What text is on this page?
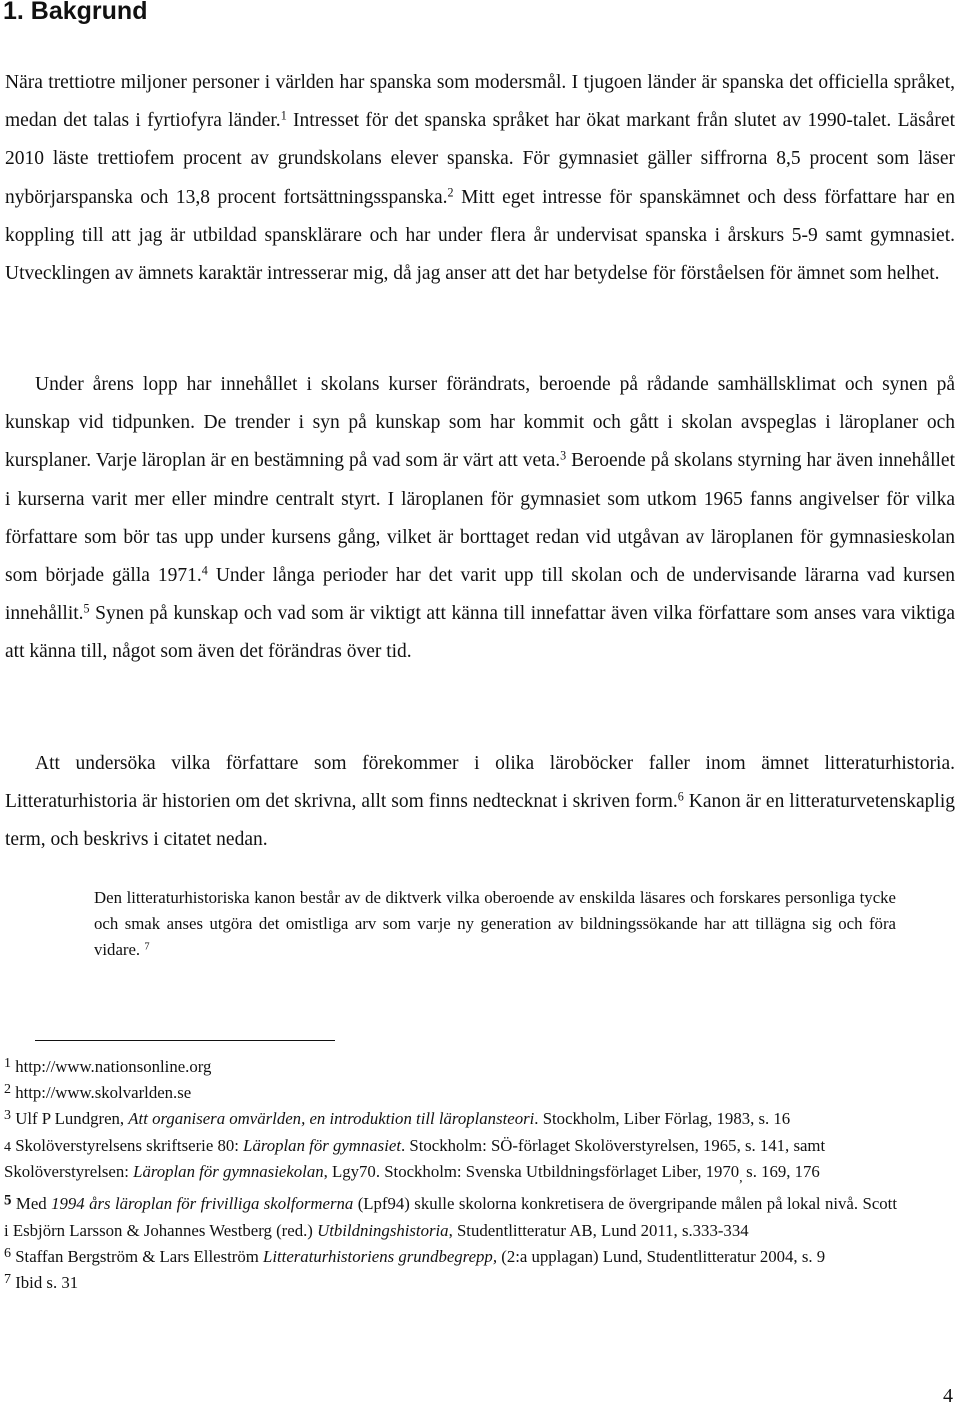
1. Bakgrund

Nära trettiotre miljoner personer i världen har spanska som modersmål. I tjugoen länder är spanska det officiella språket, medan det talas i fyrtiofyra länder.$^1$ Intresset för det spanska språket har ökat markant från slutet av 1990-talet. Läsåret 2010 läste trettiofem procent av grundskolans elever spanska. För gymnasiet gäller siffrorna 8,5 procent som läser nybörjarspanska och 13,8 procent fortsättningsspanska.$^2$ Mitt eget intresse för spanskämnet och dess författare har en koppling till att jag är utbildad spansklärare och har under flera år undervisat spanska i årskurs 5-9 samt gymnasiet. Utvecklingen av ämnets karaktär intresserar mig, då jag anser att det har betydelse för förståelsen för ämnet som helhet.

Under årens lopp har innehållet i skolans kurser förändrats, beroende på rådande samhällsklimat och synen på kunskap vid tidpunken. De trender i syn på kunskap som har kommit och gått i skolan avspeglas i läroplaner och kursplaner. Varje läroplan är en bestämning på vad som är värt att veta.$^3$ Beroende på skolans styrning har även innehållet i kurserna varit mer eller mindre centralt styrt. I läroplanen för gymnasiet som utkom 1965 fanns angivelser för vilka författare som bör tas upp under kursens gång, vilket är borttaget redan vid utgåvan av läroplanen för gymnasieskolan som började gälla 1971.$^4$ Under långa perioder har det varit upp till skolan och de undervisande lärarna vad kursen innehållit.$^5$ Synen på kunskap och vad som är viktigt att känna till innefattar även vilka författare som anses vara viktiga att känna till, något som även det förändras över tid.

Att undersöka vilka författare som förekommer i olika läroböcker faller inom ämnet litteraturhistoria. Litteraturhistoria är historien om det skrivna, allt som finns nedtecknat i skriven form.$^6$ Kanon är en litteraturvetenskaplig term, och beskrivs i citatet nedan.

Den litteraturhistoriska kanon består av de diktverk vilka oberoende av enskilda läsares och forskares personliga tycke och smak anses utgöra det omistliga arv som varje ny generation av bildningssökande har att tillägna sig och föra vidare. $^7$

$^1$ http://www.nationsonline.org

$^2$ http://www.skolvarlden.se

$^3$ Ulf P Lundgren, Att organisera omvärlden, en introduktion till läroplansteori. Stockholm, Liber Förlag, 1983, s. 16

4 Skolöverstyrelsens skriftserie 80: Läroplan för gymnasiet. Stockholm: SÖ-förlaget Skolöverstyrelsen, 1965, s. 141, samt

Skolöverstyrelsen: Läroplan för gymnasiekolan, Lgy70. Stockholm: Svenska Utbildningsförlaget Liber, $1970_,$ s. 169, 176

5 Med 1994 års läroplan för frivilliga skolformerna (Lpf94) skulle skolorna konkretisera de övergripande målen på lokal nivå. Scott i Esbjörn Larsson & Johannes Westberg (red.) Utbildningshistoria, Studentlitteratur AB, Lund 2011, s.333-334

$^6$ Staffan Bergström & Lars Elleström Litteraturhistoriens grundbegrepp, (2:a upplagan) Lund, Studentlitteratur 2004, s. 9

$^7$ Ibid s. 31

4
